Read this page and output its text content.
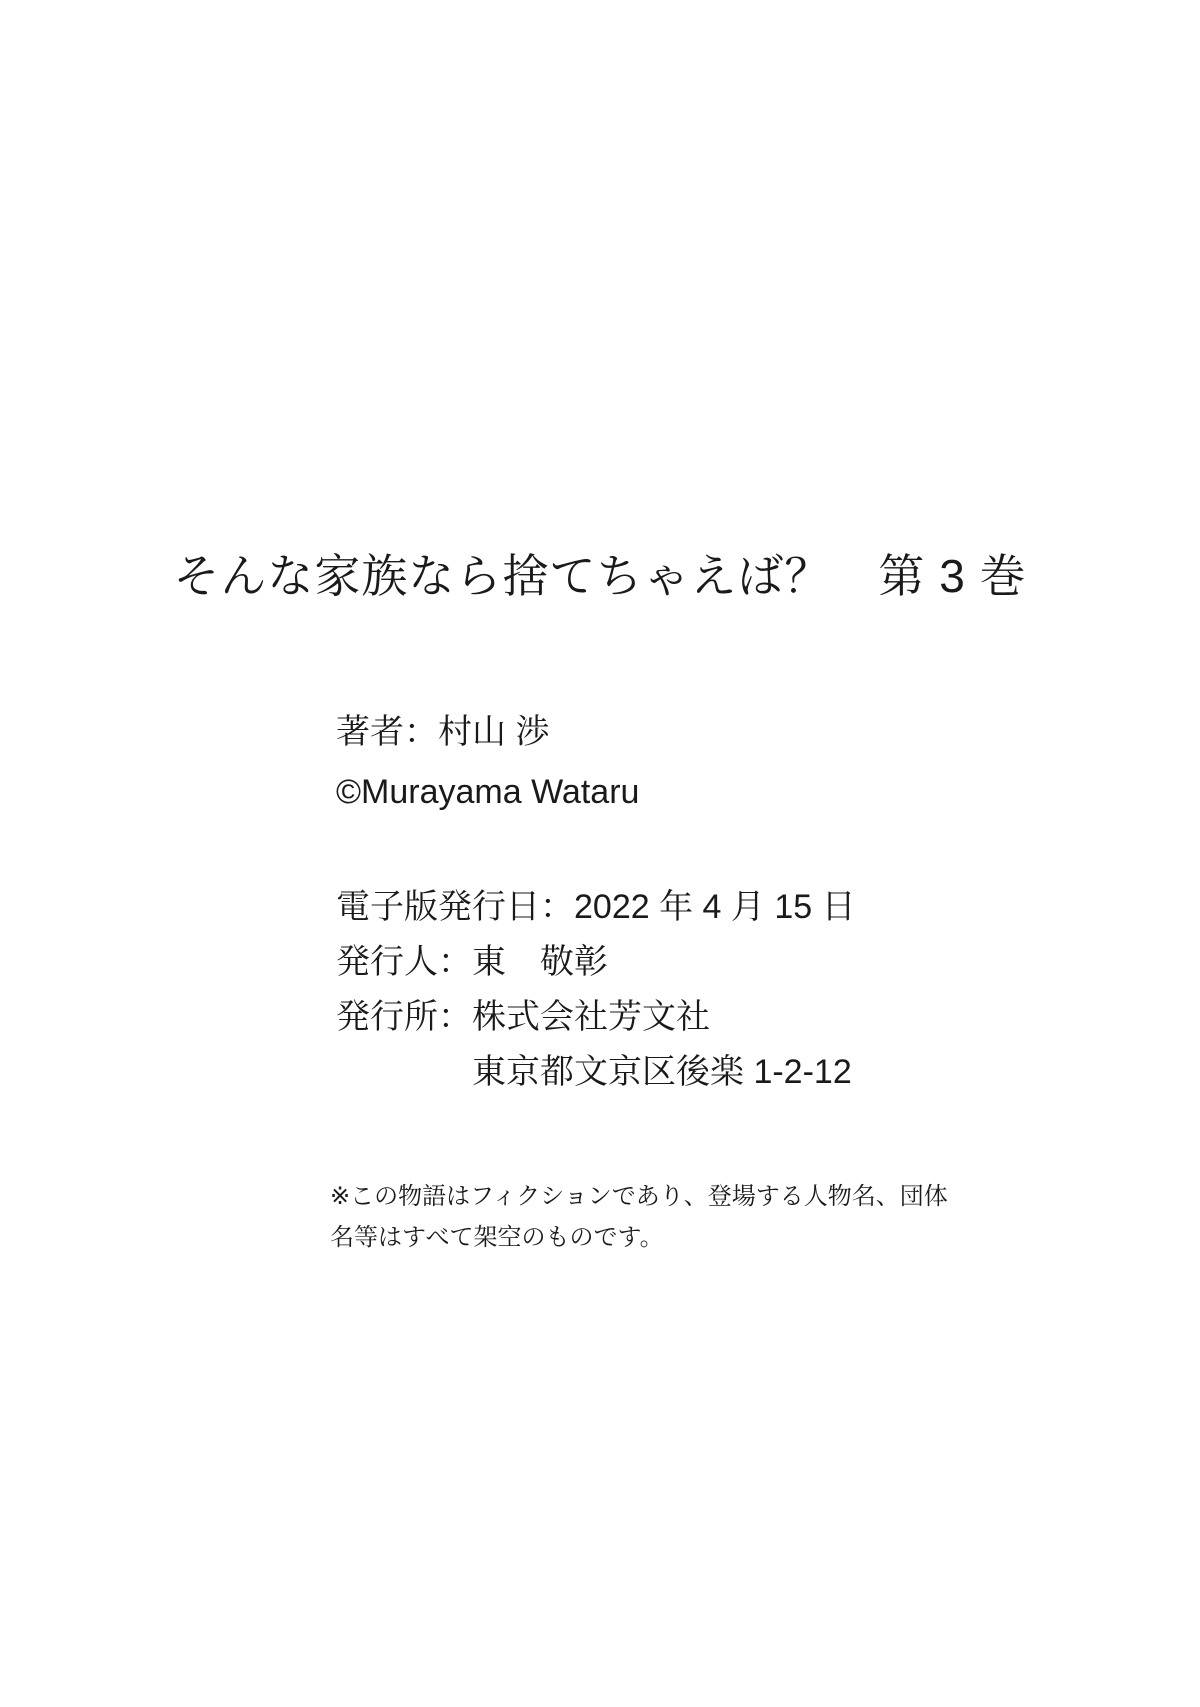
そんな家族なら捨てちゃえば？　第 3 巻
著者：村山 渉
©Murayama Wataru
電子版発行日：2022 年 4 月 15 日
発行人：東　敬彰
発行所：株式会社芳文社
東京都文京区後楽 1-2-12
※この物語はフィクションであり、登場する人物名、団体
名等はすべて架空のものです。
